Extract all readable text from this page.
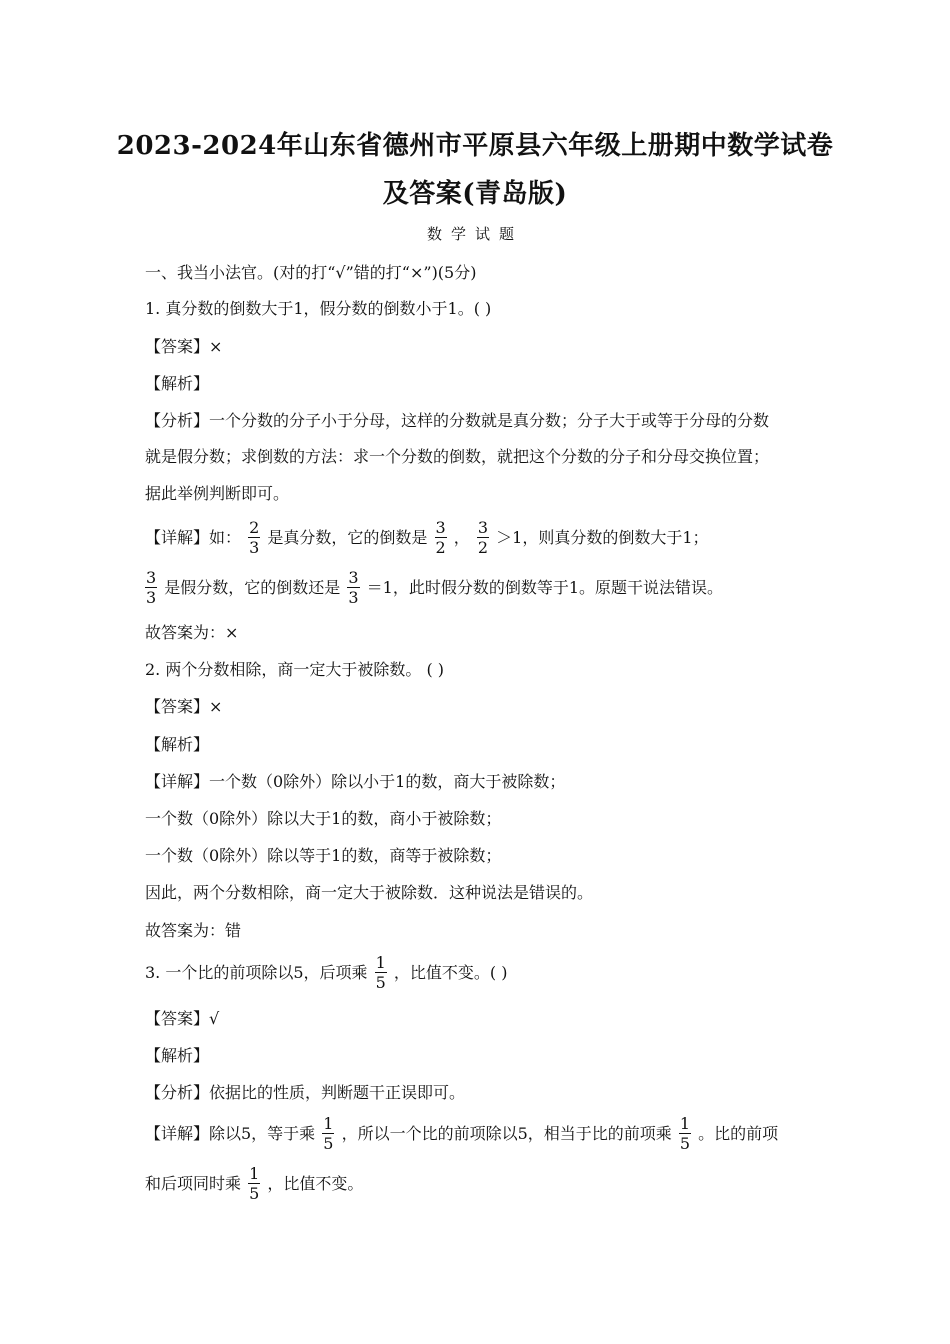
2023-2024年山东省德州市平原县六年级上册期中数学试卷
及答案(青岛版)
数学试题
一、我当小法官。(对的打“√”错的打“×”)(5分)
1. 真分数的倒数大于1，假分数的倒数小于1。( )
【答案】×
【解析】
【分析】一个分数的分子小于分母，这样的分数就是真分数；分子大于或等于分母的分数
就是假分数；求倒数的方法：求一个分数的倒数，就把这个分数的分子和分母交换位置；
据此举例判断即可。
【详解】如： $\frac{2}{3}$ 是真分数，它的倒数是 $\frac{3}{2}$ ， $\frac{3}{2} >1$，则真分数的倒数大于1；
$\frac{3}{3}$ 是假分数，它的倒数还是 $\frac{3}{3} =1$，此时假分数的倒数等于1。原题干说法错误。
故答案为：×
2. 两个分数相除，商一定大于被除数。 ( )
【答案】×
【解析】
【详解】一个数（0除外）除以小于1的数，商大于被除数；
一个数（0除外）除以大于1的数，商小于被除数；
一个数（0除外）除以等于1的数，商等于被除数；
因此，两个分数相除，商一定大于被除数．这种说法是错误的。
故答案为：错
3. 一个比的前项除以5，后项乘 $\frac{1}{5}$ ，比值不变。( )
【答案】√
【解析】
【分析】依据比的性质，判断题干正误即可。
【详解】除以5，等于乘 $\frac{1}{5}$ ，所以一个比的前项除以5，相当于比的前项乘 $\frac{1}{5}$ 。比的前项
和后项同时乘 $\frac{1}{5}$ ，比值不变。
